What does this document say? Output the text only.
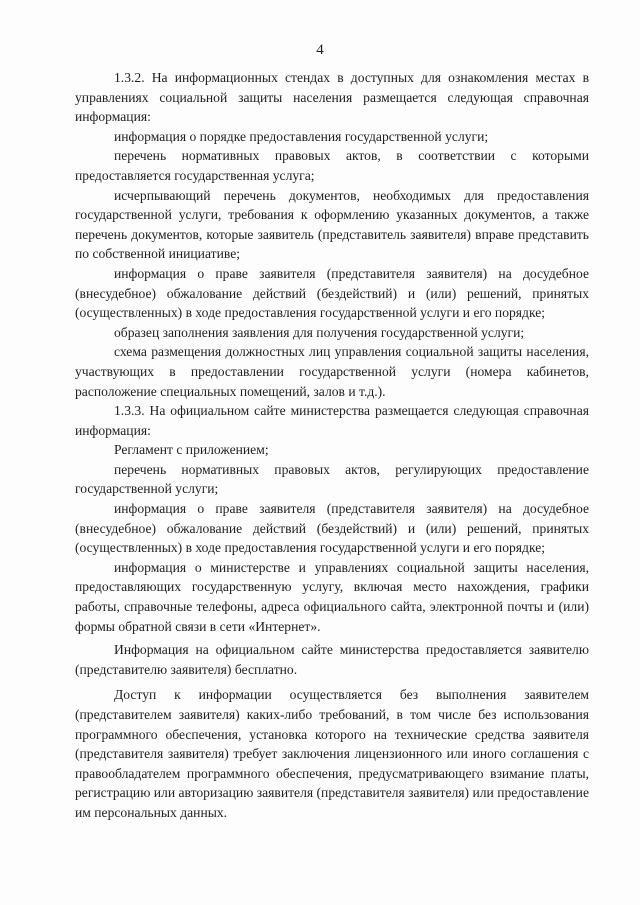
4

1.3.2. На информационных стендах в доступных для ознакомления местах в управлениях социальной защиты населения размещается следующая справочная информация:

информация о порядке предоставления государственной услуги;

перечень нормативных правовых актов, в соответствии с которыми предоставляется государственная услуга;

исчерпывающий перечень документов, необходимых для предоставления государственной услуги, требования к оформлению указанных документов, а также перечень документов, которые заявитель (представитель заявителя) вправе представить по собственной инициативе;

информация о праве заявителя (представителя заявителя) на досудебное (внесудебное) обжалование действий (бездействий) и (или) решений, принятых (осуществленных) в ходе предоставления государственной услуги и его порядке;

образец заполнения заявления для получения государственной услуги;

схема размещения должностных лиц управления социальной защиты населения, участвующих в предоставлении государственной услуги (номера кабинетов, расположение специальных помещений, залов и т.д.).

1.3.3. На официальном сайте министерства размещается следующая справочная информация:

Регламент с приложением;

перечень нормативных правовых актов, регулирующих предоставление государственной услуги;

информация о праве заявителя (представителя заявителя) на досудебное (внесудебное) обжалование действий (бездействий) и (или) решений, принятых (осуществленных) в ходе предоставления государственной услуги и его порядке;

информация о министерстве и управлениях социальной защиты населения, предоставляющих государственную услугу, включая место нахождения, графики работы, справочные телефоны, адреса официального сайта, электронной почты и (или) формы обратной связи в сети «Интернет».

Информация на официальном сайте министерства предоставляется заявителю (представителю заявителя) бесплатно.

Доступ к информации осуществляется без выполнения заявителем (представителем заявителя) каких-либо требований, в том числе без использования программного обеспечения, установка которого на технические средства заявителя (представителя заявителя) требует заключения лицензионного или иного соглашения с правообладателем программного обеспечения, предусматривающего взимание платы, регистрацию или авторизацию заявителя (представителя заявителя) или предоставление им персональных данных.
